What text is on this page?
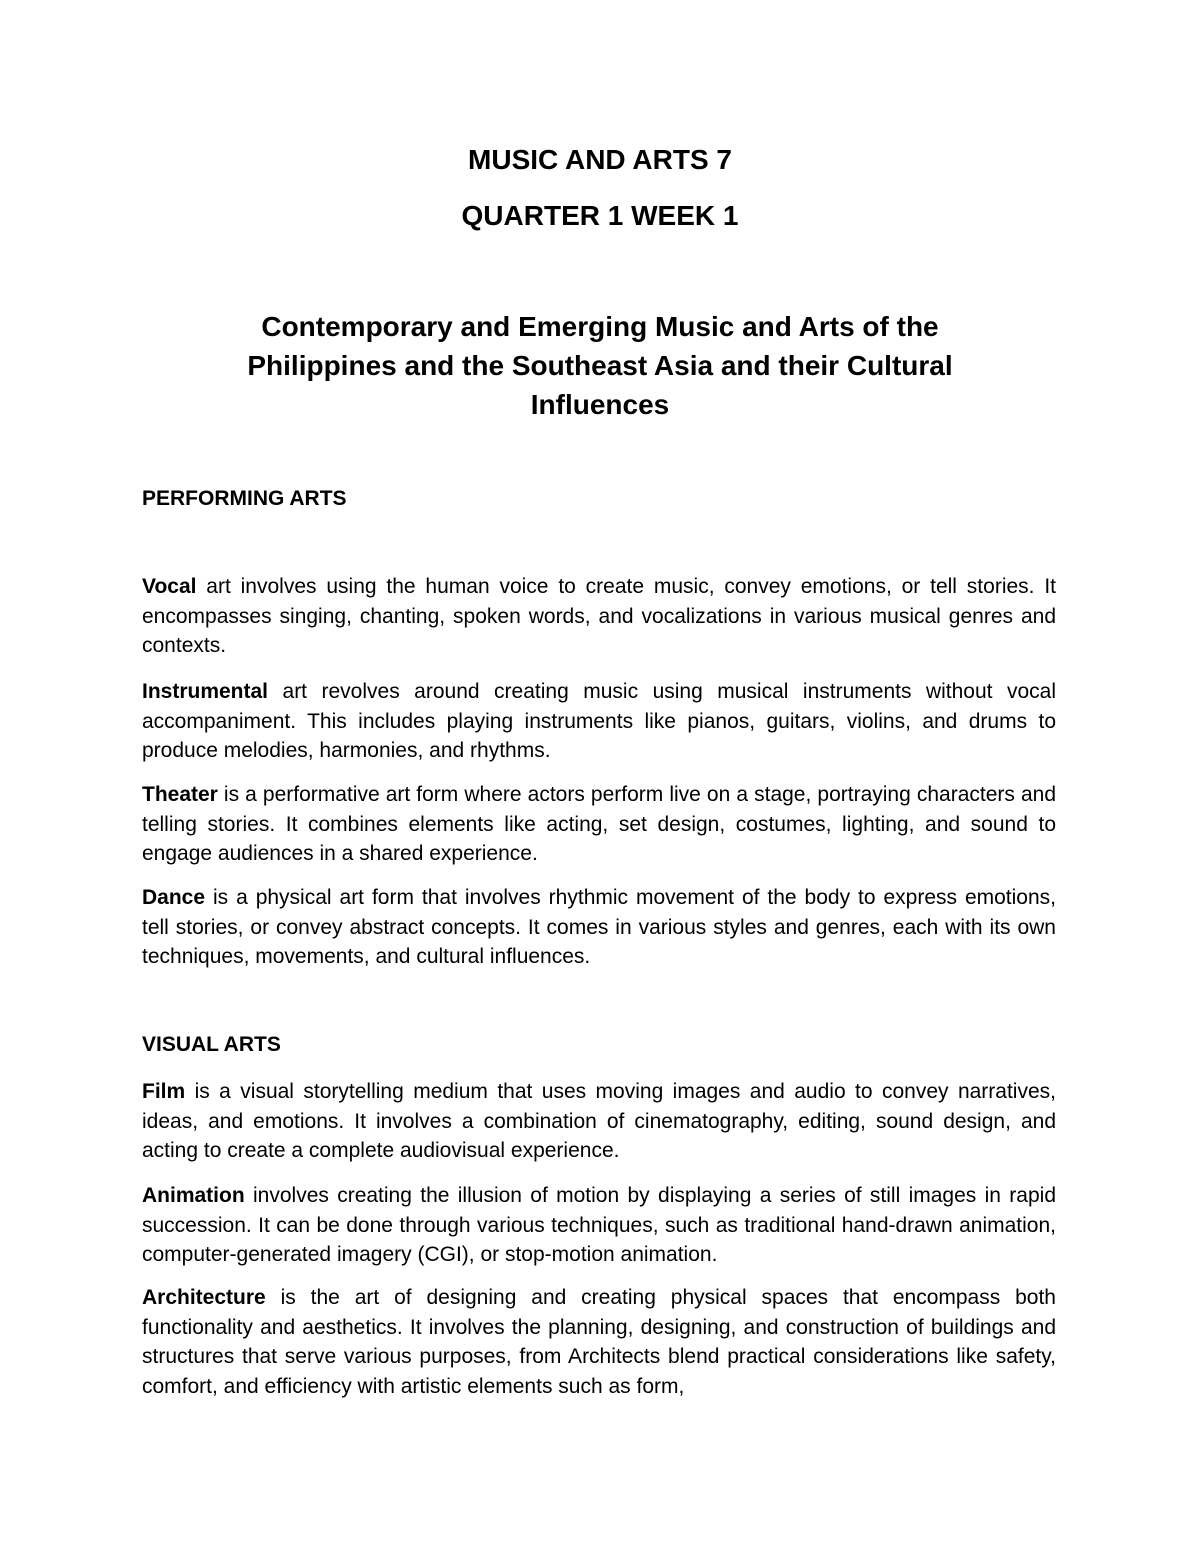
MUSIC AND ARTS 7
QUARTER 1 WEEK 1
Contemporary and Emerging Music and Arts of the Philippines and the Southeast Asia and their Cultural Influences
PERFORMING ARTS

Vocal art involves using the human voice to create music, convey emotions, or tell stories. It encompasses singing, chanting, spoken words, and vocalizations in various musical genres and contexts.

Instrumental art revolves around creating music using musical instruments without vocal accompaniment. This includes playing instruments like pianos, guitars, violins, and drums to produce melodies, harmonies, and rhythms.

Theater is a performative art form where actors perform live on a stage, portraying characters and telling stories. It combines elements like acting, set design, costumes, lighting, and sound to engage audiences in a shared experience.

Dance is a physical art form that involves rhythmic movement of the body to express emotions, tell stories, or convey abstract concepts. It comes in various styles and genres, each with its own techniques, movements, and cultural influences.

VISUAL ARTS

Film is a visual storytelling medium that uses moving images and audio to convey narratives, ideas, and emotions. It involves a combination of cinematography, editing, sound design, and acting to create a complete audiovisual experience.

Animation involves creating the illusion of motion by displaying a series of still images in rapid succession. It can be done through various techniques, such as traditional hand-drawn animation, computer-generated imagery (CGI), or stop-motion animation.

Architecture is the art of designing and creating physical spaces that encompass both functionality and aesthetics. It involves the planning, designing, and construction of buildings and structures that serve various purposes, from Architects blend practical considerations like safety, comfort, and efficiency with artistic elements such as form,
